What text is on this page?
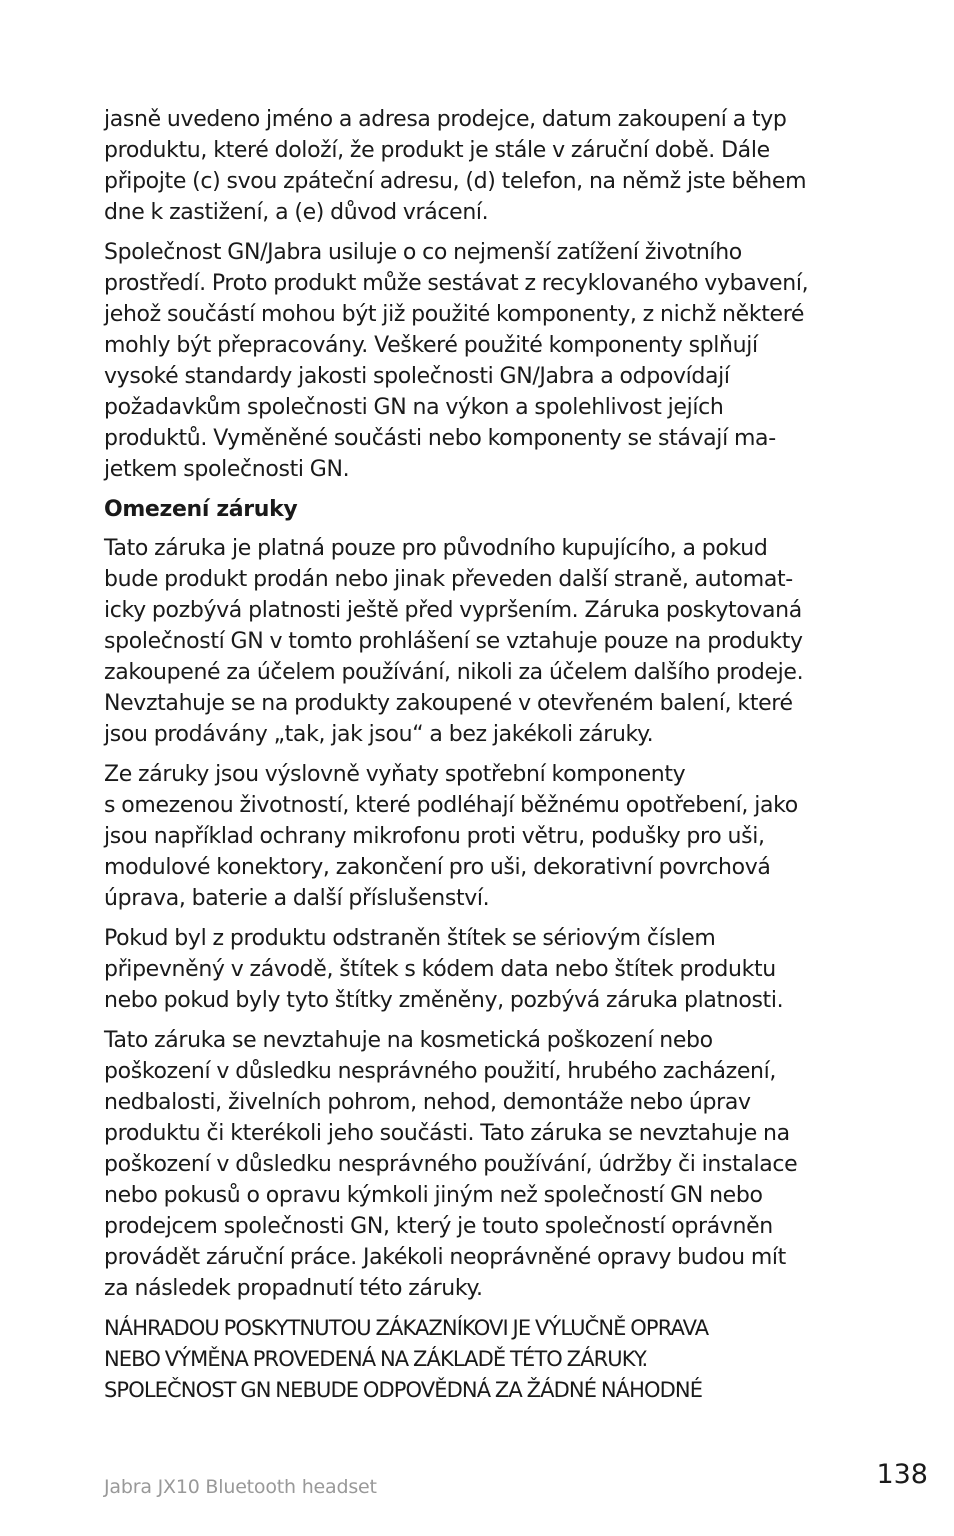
jasně uvedeno jméno a adresa prodejce, datum zakoupení a typ
produktu, které doloží, že produkt je stále v záruční době. Dále
připojte (c) svou zpáteční adresu, (d) telefon, na němž jste během
dne k zastižení, a (e) důvod vrácení.

Společnost GN/Jabra usiluje o co nejmenší zatížení životního
prostředí. Proto produkt může sestávat z recyklovaného vybavení,
jehož součástí mohou být již použité komponenty, z nichž některé
mohly být přepracovány. Veškeré použité komponenty splňují
vysoké standardy jakosti společnosti GN/Jabra a odpovídají
požadavkům společnosti GN na výkon a spolehlivost jejích
produktů. Vyměněné součásti nebo komponenty se stávají ma-
jetkem společnosti GN.

Omezení záruky

Tato záruka je platná pouze pro původního kupujícího, a pokud
bude produkt prodán nebo jinak převeden další straně, automat-
icky pozbývá platnosti ještě před vypršením. Záruka poskytovaná
společností GN v tomto prohlášení se vztahuje pouze na produkty
zakoupené za účelem používání, nikoli za účelem dalšího prodeje.
Nevztahuje se na produkty zakoupené v otevřeném balení, které
jsou prodávány „tak, jak jsou“ a bez jakékoli záruky.

Ze záruky jsou výslovně vyňaty spotřební komponenty
s omezenou životností, které podléhají běžnému opotřebení, jako
jsou například ochrany mikrofonu proti větru, podušky pro uši,
modulové konektory, zakončení pro uši, dekorativní povrchová
úprava, baterie a další příslušenství.

Pokud byl z produktu odstraněn štítek se sériovým číslem
připevněný v závodě, štítek s kódem data nebo štítek produktu
nebo pokud byly tyto štítky změněny, pozbývá záruka platnosti.

Tato záruka se nevztahuje na kosmetická poškození nebo
poškození v důsledku nesprávného použití, hrubého zacházení,
nedbalosti, živelních pohrom, nehod, demontáže nebo úprav
produktu či kterékoli jeho součásti. Tato záruka se nevztahuje na
poškození v důsledku nesprávného používání, údržby či instalace
nebo pokusů o opravu kýmkoli jiným než společností GN nebo
prodejcem společnosti GN, který je touto společností oprávněn
provádět záruční práce. Jakékoli neoprávněné opravy budou mít
za následek propadnutí této záruky.

NÁHRADOU POSKYTNUTOU ZÁKAZNÍKOVI JE VÝLUČNĚ OPRAVA
NEBO VÝMĚNA PROVEDENÁ NA ZÁKLADĚ TÉTO ZÁRUKY.
SPOLEČNOST GN NEBUDE ODPOVĚDNÁ ZA ŽÁDNÉ NÁHODNÉ

Jabra JX10 Bluetooth headset	138
